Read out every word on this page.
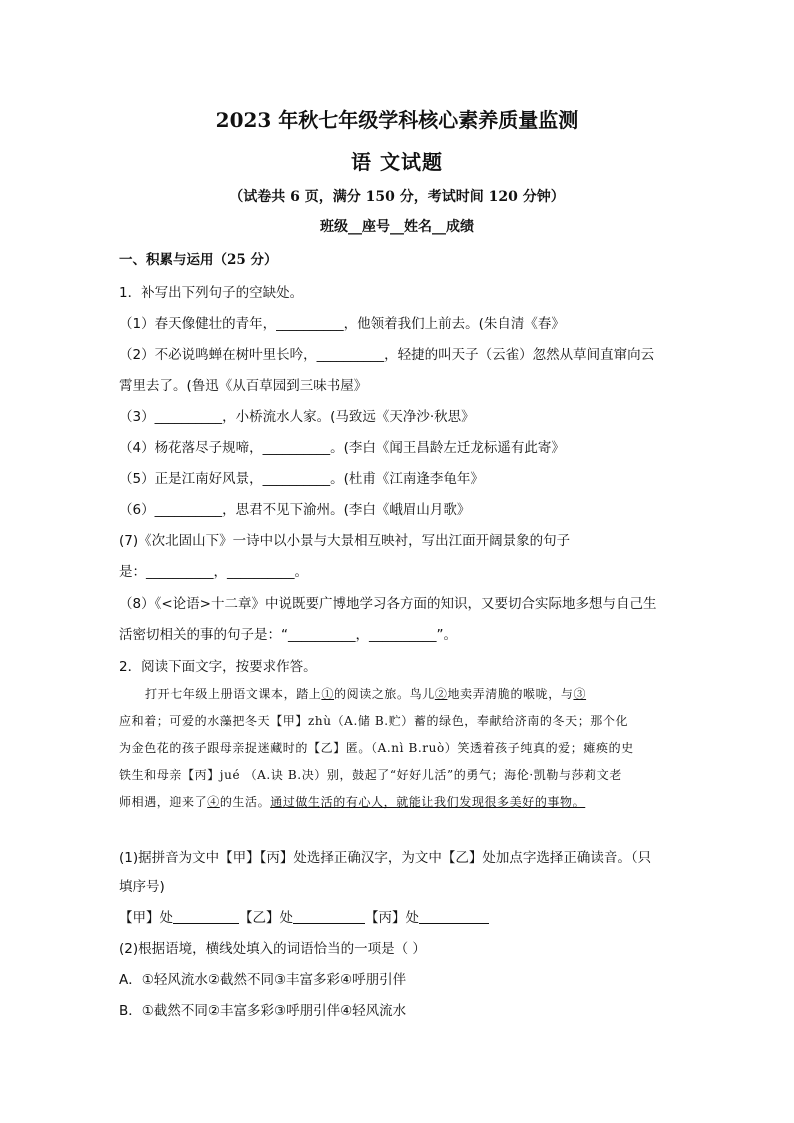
2023 年秋七年级学科核心素养质量监测
语 文试题
（试卷共 6 页，满分 150 分，考试时间 120 分钟）
班级__座号__姓名__成绩
一、积累与运用（25 分）
1．补写出下列句子的空缺处。
（1）春天像健壮的青年，__________，他领着我们上前去。(朱自清《春》
（2）不必说鸣蝉在树叶里长吟，__________，轻捷的叫天子（云雀）忽然从草间直窜向云
霄里去了。(鲁迅《从百草园到三味书屋》
（3）__________，小桥流水人家。(马致远《天净沙·秋思》
（4）杨花落尽子规啼，__________。(李白《闻王昌龄左迁龙标遥有此寄》
（5）正是江南好风景，__________。(杜甫《江南逢李龟年》
（6）__________，思君不见下渝州。(李白《峨眉山月歌》
(7)《次北固山下》一诗中以小景与大景相互映衬，写出江面开阔景象的句子
是：__________，__________。
（8）《<论语>十二章》中说既要广博地学习各方面的知识，又要切合实际地多想与自己生
活密切相关的事的句子是：“__________，__________”。
2．阅读下面文字，按要求作答。
打开七年级上册语文课本，踏上①的阅读之旅。鸟儿②地卖弄清脆的喉咙，与③
应和着；可爱的水藻把冬天【甲】zhù（A.储 B.贮）蓄的绿色，奉献给济南的冬天；那个化
为金色花的孩子跟母亲捉迷藏时的【乙】匿。（A.nì B.ruò）笑透着孩子纯真的爱；瘫痪的史
铁生和母亲【丙】jué （A.诀 B.决）别，鼓起了“好好儿活”的勇气；海伦·凯勒与莎莉文老
师相遇，迎来了④的生活。通过做生活的有心人，就能让我们发现很多美好的事物。
(1)据拼音为文中【甲】【丙】处选择正确汉字，为文中【乙】处加点字选择正确读音。（只
填序号)
【甲】处	【乙】处	【丙】处
(2)根据语境，横线处填入的词语恰当的一项是（ ）
A．①轻风流水②截然不同③丰富多彩④呼朋引伴
B．①截然不同②丰富多彩③呼朋引伴④轻风流水
